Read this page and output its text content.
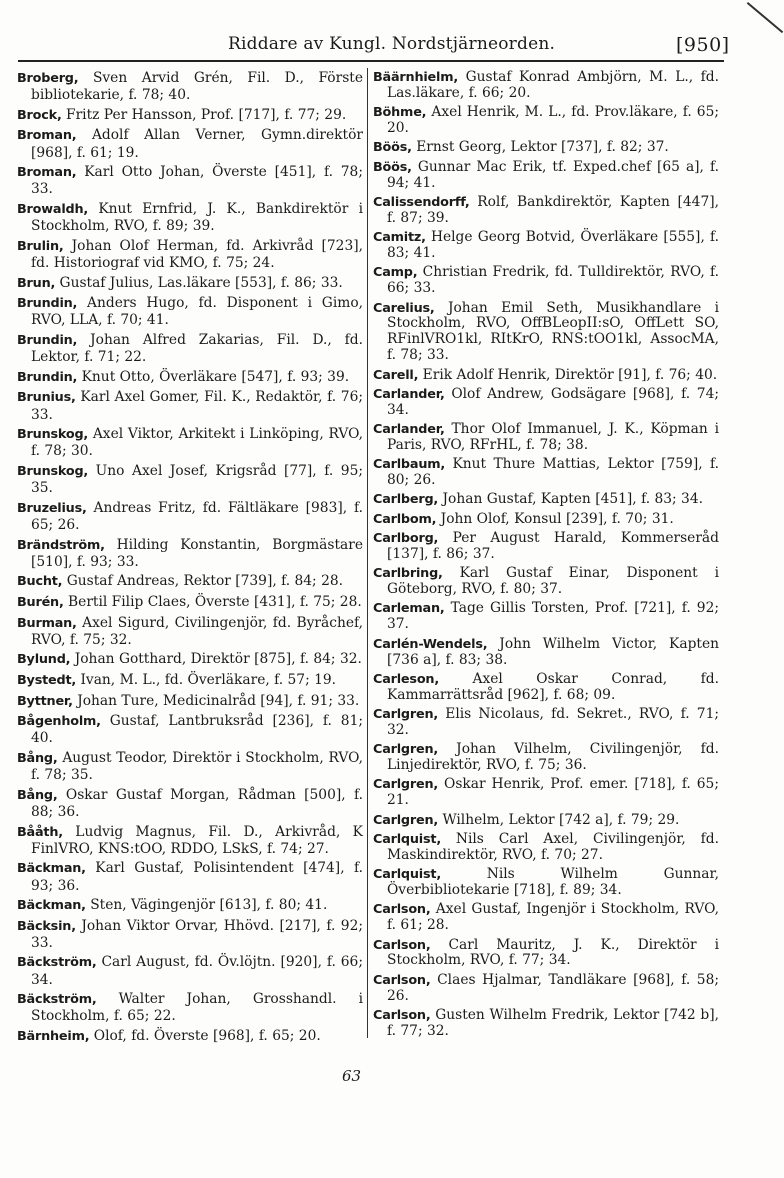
Riddare av Kungl. Nordstjärneorden.	[950]

Broberg, Sven Arvid Grén, Fil. D., Förste bibliotekarie, f. 78; 40.

Brock, Fritz Per Hansson, Prof. [717], f. 77; 29.

Broman, Adolf Allan Verner, Gymn.direktör [968], f. 61; 19.

Broman, Karl Otto Johan, Överste [451], f. 78; 33.

Browaldh, Knut Ernfrid, J. K., Bankdirektör i Stockholm, RVO, f. 89; 39.

Brulin, Johan Olof Herman, fd. Arkivråd [723], fd. Historiograf vid KMO, f. 75; 24.

Brun, Gustaf Julius, Las.läkare [553], f. 86; 33.

Brundin, Anders Hugo, fd. Disponent i Gimo, RVO, LLA, f. 70; 41.

Brundin, Johan Alfred Zakarias, Fil. D., fd. Lektor, f. 71; 22.

Brundin, Knut Otto, Överläkare [547], f. 93; 39.

Brunius, Karl Axel Gomer, Fil. K., Redaktör, f. 76; 33.

Brunskog, Axel Viktor, Arkitekt i Linköping, RVO, f. 78; 30.

Brunskog, Uno Axel Josef, Krigsråd [77], f. 95; 35.

Bruzelius, Andreas Fritz, fd. Fältläkare [983], f. 65; 26.

Brändström, Hilding Konstantin, Borgmästare [510], f. 93; 33.

Bucht, Gustaf Andreas, Rektor [739], f. 84; 28.

Burén, Bertil Filip Claes, Överste [431], f. 75; 28.

Burman, Axel Sigurd, Civilingenjör, fd. Byråchef, RVO, f. 75; 32.

Bylund, Johan Gotthard, Direktör [875], f. 84; 32.

Bystedt, Ivan, M. L., fd. Överläkare, f. 57; 19.

Byttner, Johan Ture, Medicinalråd [94], f. 91; 33.

Bågenholm, Gustaf, Lantbruksråd [236], f. 81; 40.

Bång, August Teodor, Direktör i Stockholm, RVO, f. 78; 35.

Bång, Oskar Gustaf Morgan, Rådman [500], f. 88; 36.

Bååth, Ludvig Magnus, Fil. D., Arkivråd, K FinlVRO, KNS:tOO, RDDO, LSkS, f. 74; 27.

Bäckman, Karl Gustaf, Polisintendent [474], f. 93; 36.

Bäckman, Sten, Vägingenjör [613], f. 80; 41.

Bäcksin, Johan Viktor Orvar, Hhövd. [217], f. 92; 33.

Bäckström, Carl August, fd. Öv.löjtn. [920], f. 66; 34.

Bäckström, Walter Johan, Grosshandl. i Stockholm, f. 65; 22.

Bärnheim, Olof, fd. Överste [968], f. 65; 20.

Bäärnhielm, Gustaf Konrad Ambjörn, M. L., fd. Las.läkare, f. 66; 20.

Böhme, Axel Henrik, M. L., fd. Prov.läkare, f. 65; 20.

Böös, Ernst Georg, Lektor [737], f. 82; 37.

Böös, Gunnar Mac Erik, tf. Exped.chef [65 a], f. 94; 41.

Calissendorff, Rolf, Bankdirektör, Kapten [447], f. 87; 39.

Camitz, Helge Georg Botvid, Överläkare [555], f. 83; 41.

Camp, Christian Fredrik, fd. Tulldirektör, RVO, f. 66; 33.

Carelius, Johan Emil Seth, Musikhandlare i Stockholm, RVO, OffBLeopII:sO, OffLett SO, RFinlVRO1kl, RItKrO, RNS:tOO1kl, AssocMA, f. 78; 33.

Carell, Erik Adolf Henrik, Direktör [91], f. 76; 40.

Carlander, Olof Andrew, Godsägare [968], f. 74; 34.

Carlander, Thor Olof Immanuel, J. K., Köpman i Paris, RVO, RFrHL, f. 78; 38.

Carlbaum, Knut Thure Mattias, Lektor [759], f. 80; 26.

Carlberg, Johan Gustaf, Kapten [451], f. 83; 34.

Carlbom, John Olof, Konsul [239], f. 70; 31.

Carlborg, Per August Harald, Kommerseråd [137], f. 86; 37.

Carlbring, Karl Gustaf Einar, Disponent i Göteborg, RVO, f. 80; 37.

Carleman, Tage Gillis Torsten, Prof. [721], f. 92; 37.

Carlén-Wendels, John Wilhelm Victor, Kapten [736 a], f. 83; 38.

Carleson, Axel Oskar Conrad, fd. Kammarrättsråd [962], f. 68; 09.

Carlgren, Elis Nicolaus, fd. Sekret., RVO, f. 71; 32.

Carlgren, Johan Vilhelm, Civilingenjör, fd. Linjedirektör, RVO, f. 75; 36.

Carlgren, Oskar Henrik, Prof. emer. [718], f. 65; 21.

Carlgren, Wilhelm, Lektor [742 a], f. 79; 29.

Carlquist, Nils Carl Axel, Civilingenjör, fd. Maskindirektör, RVO, f. 70; 27.

Carlquist,	Nils Wilhelm Gunnar, Överbibliotekarie [718], f. 89; 34.

Carlson, Axel Gustaf, Ingenjör i Stockholm, RVO, f. 61; 28.

Carlson, Carl Mauritz, J. K., Direktör i Stockholm, RVO, f. 77; 34.

Carlson, Claes Hjalmar, Tandläkare [968], f. 58; 26.

Carlson, Gusten Wilhelm Fredrik, Lektor [742 b], f. 77; 32.

63
